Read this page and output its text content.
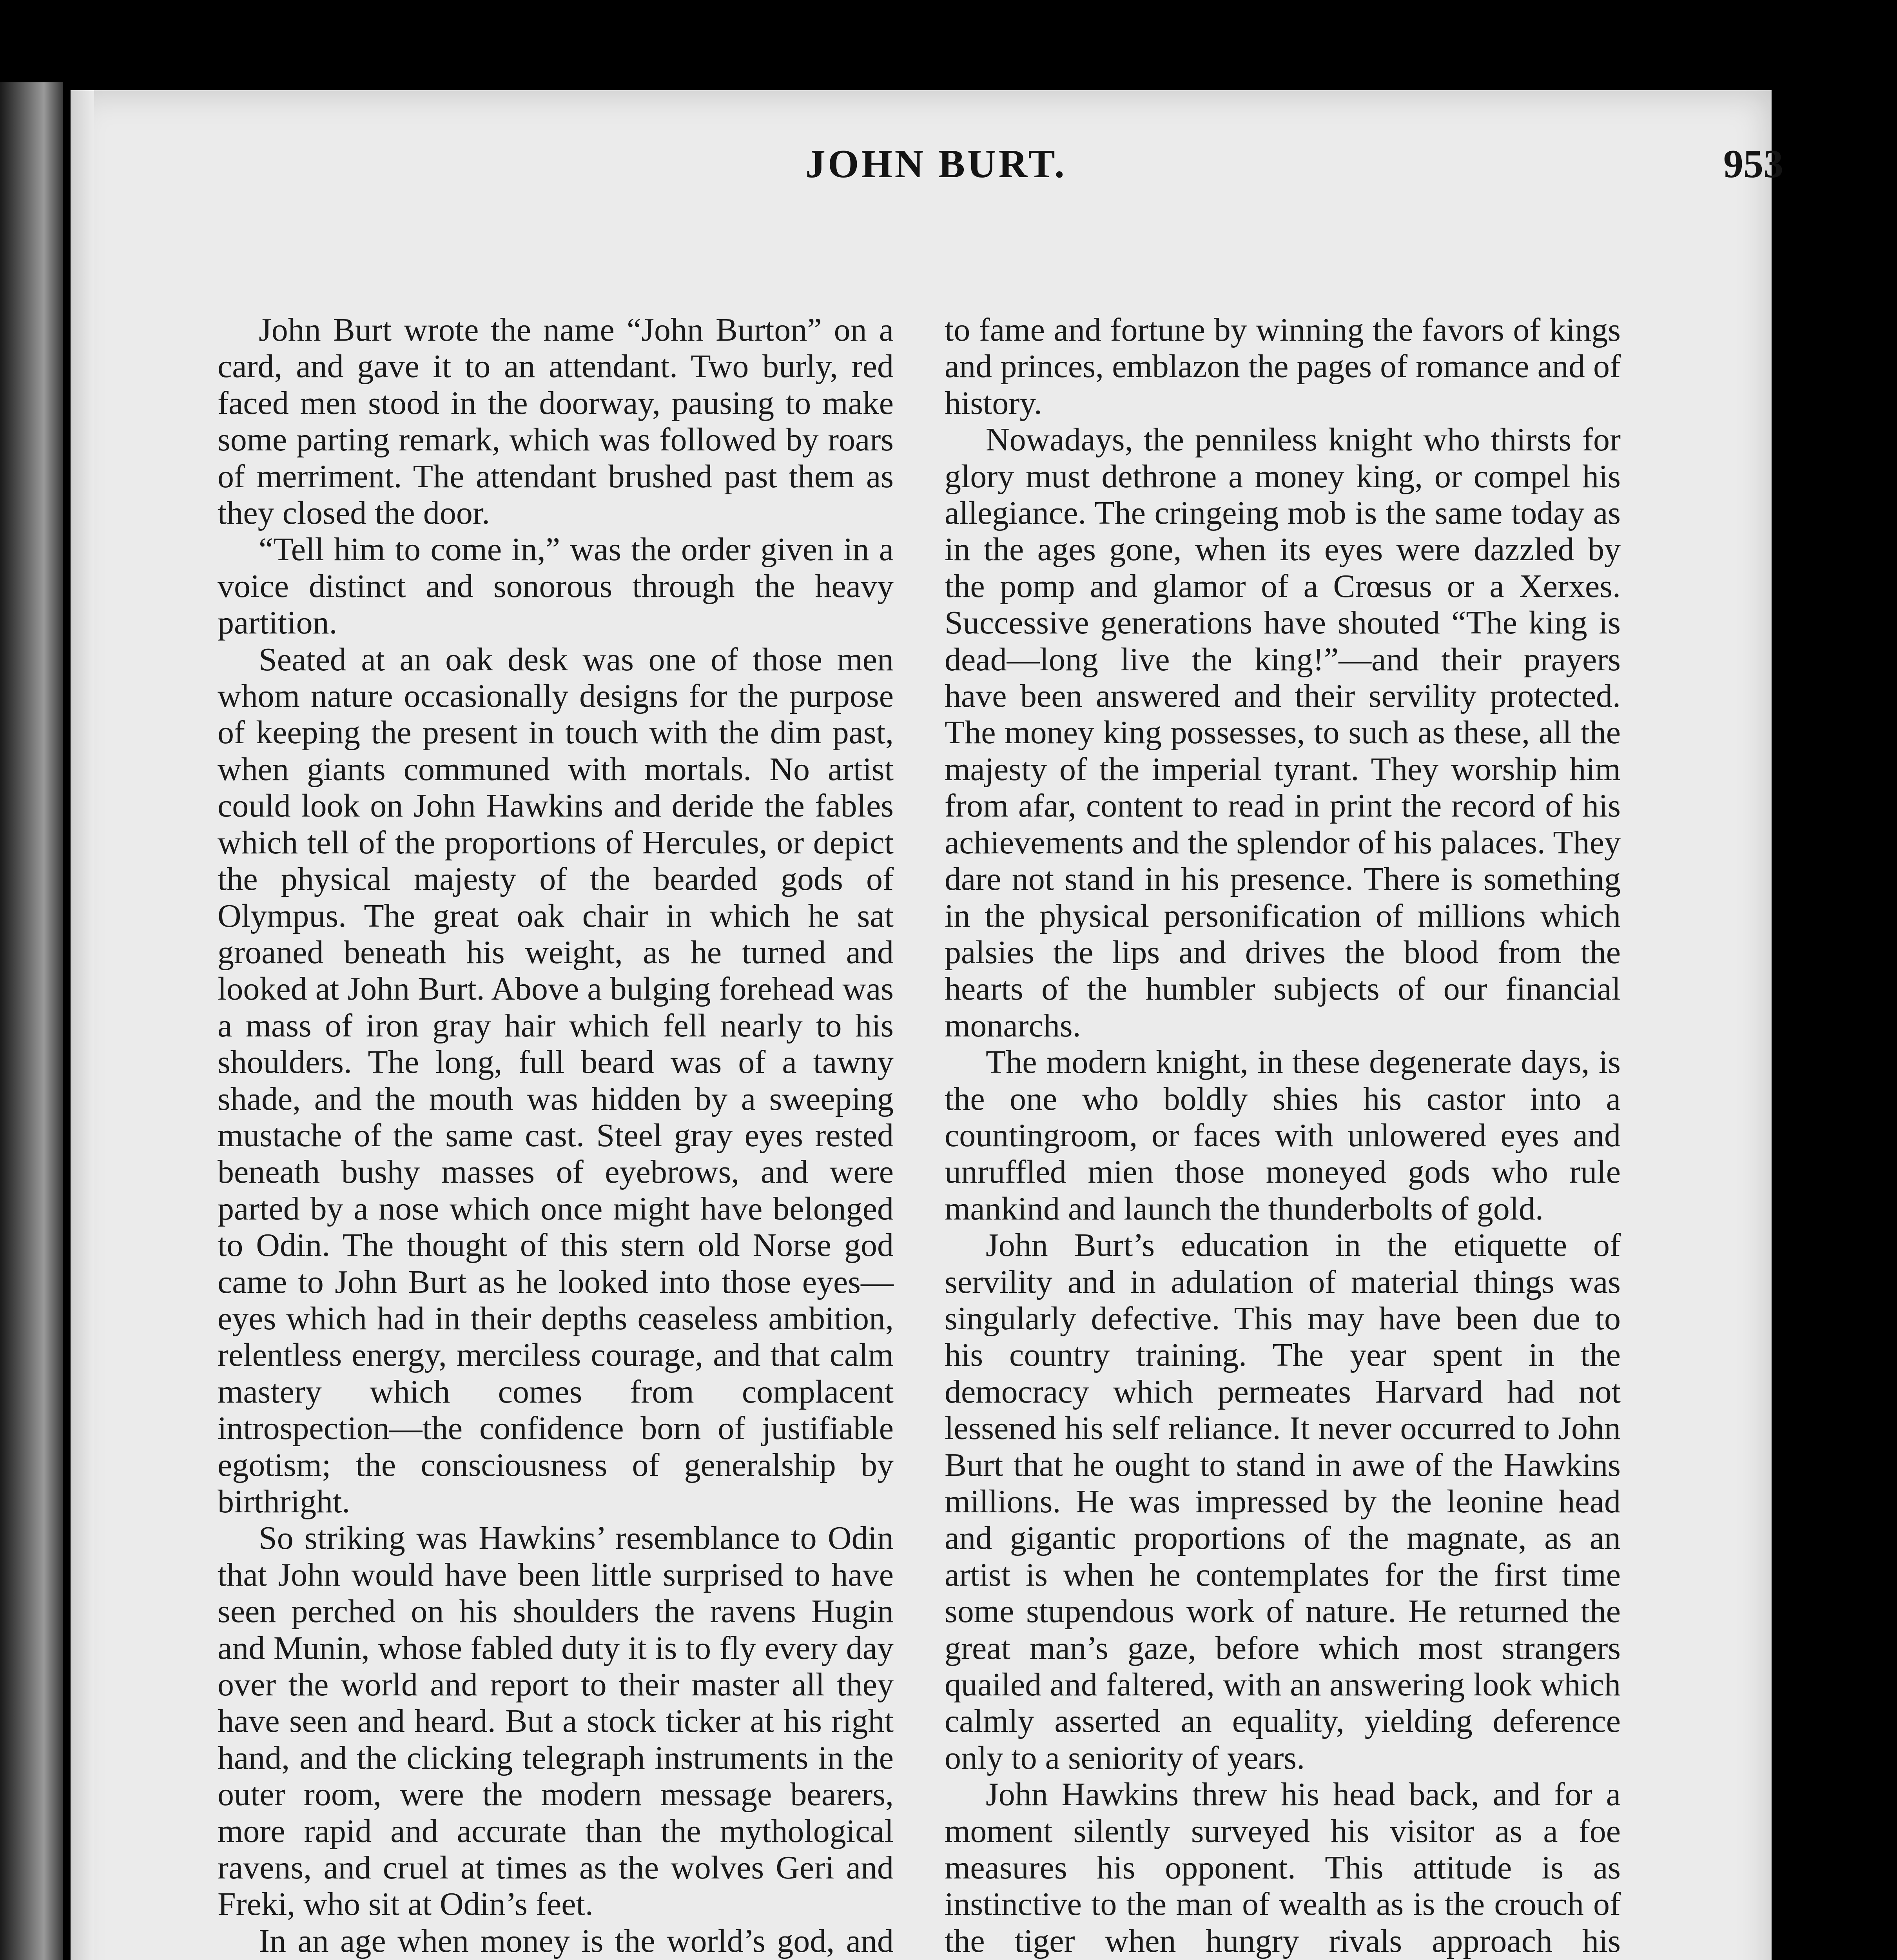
JOHN BURT.	953

John Burt wrote the name “John Burton” on a card, and gave it to an attendant. Two burly, red faced men stood in the doorway, pausing to make some parting remark, which was followed by roars of merriment. The attendant brushed past them as they closed the door.

“Tell him to come in,” was the order given in a voice distinct and sonorous through the heavy partition.

Seated at an oak desk was one of those men whom nature occasionally designs for the purpose of keeping the present in touch with the dim past, when giants communed with mortals. No artist could look on John Hawkins and deride the fables which tell of the proportions of Hercules, or depict the physical majesty of the bearded gods of Olympus. The great oak chair in which he sat groaned beneath his weight, as he turned and looked at John Burt. Above a bulging forehead was a mass of iron gray hair which fell nearly to his shoulders. The long, full beard was of a tawny shade, and the mouth was hidden by a sweeping mustache of the same cast. Steel gray eyes rested beneath bushy masses of eyebrows, and were parted by a nose which once might have belonged to Odin. The thought of this stern old Norse god came to John Burt as he looked into those eyes—eyes which had in their depths ceaseless ambition, relentless energy, merciless courage, and that calm mastery which comes from complacent introspection—the confidence born of justifiable egotism; the consciousness of generalship by birthright.

So striking was Hawkins’ resemblance to Odin that John would have been little surprised to have seen perched on his shoulders the ravens Hugin and Munin, whose fabled duty it is to fly every day over the world and report to their master all they have seen and heard. But a stock ticker at his right hand, and the clicking telegraph instruments in the outer room, were the modern message bearers, more rapid and accurate than the mythological ravens, and cruel at times as the wolves Geri and Freki, who sit at Odin’s feet.

In an age when money is the world’s god, and

to fame and fortune by winning the favors of kings and princes, emblazon the pages of romance and of history.

Nowadays, the penniless knight who thirsts for glory must dethrone a money king, or compel his allegiance. The cringeing mob is the same today as in the ages gone, when its eyes were dazzled by the pomp and glamor of a Crœsus or a Xerxes. Successive generations have shouted “The king is dead—long live the king!”—and their prayers have been answered and their servility protected. The money king possesses, to such as these, all the majesty of the imperial tyrant. They worship him from afar, content to read in print the record of his achievements and the splendor of his palaces. They dare not stand in his presence. There is something in the physical personification of millions which palsies the lips and drives the blood from the hearts of the humbler subjects of our financial monarchs.

The modern knight, in these degenerate days, is the one who boldly shies his castor into a countingroom, or faces with unlowered eyes and unruffled mien those moneyed gods who rule mankind and launch the thunderbolts of gold.

John Burt’s education in the etiquette of servility and in adulation of material things was singularly defective. This may have been due to his country training. The year spent in the democracy which permeates Harvard had not lessened his self reliance. It never occurred to John Burt that he ought to stand in awe of the Hawkins millions. He was impressed by the leonine head and gigantic proportions of the magnate, as an artist is when he contemplates for the first time some stupendous work of nature. He returned the great man’s gaze, before which most strangers quailed and faltered, with an answering look which calmly asserted an equality, yielding deference only to a seniority of years.

John Hawkins threw his head back, and for a moment silently surveyed his visitor as a foe measures his opponent. This attitude is as instinctive to the man of wealth as is the crouch of the tiger when hungry rivals approach his
